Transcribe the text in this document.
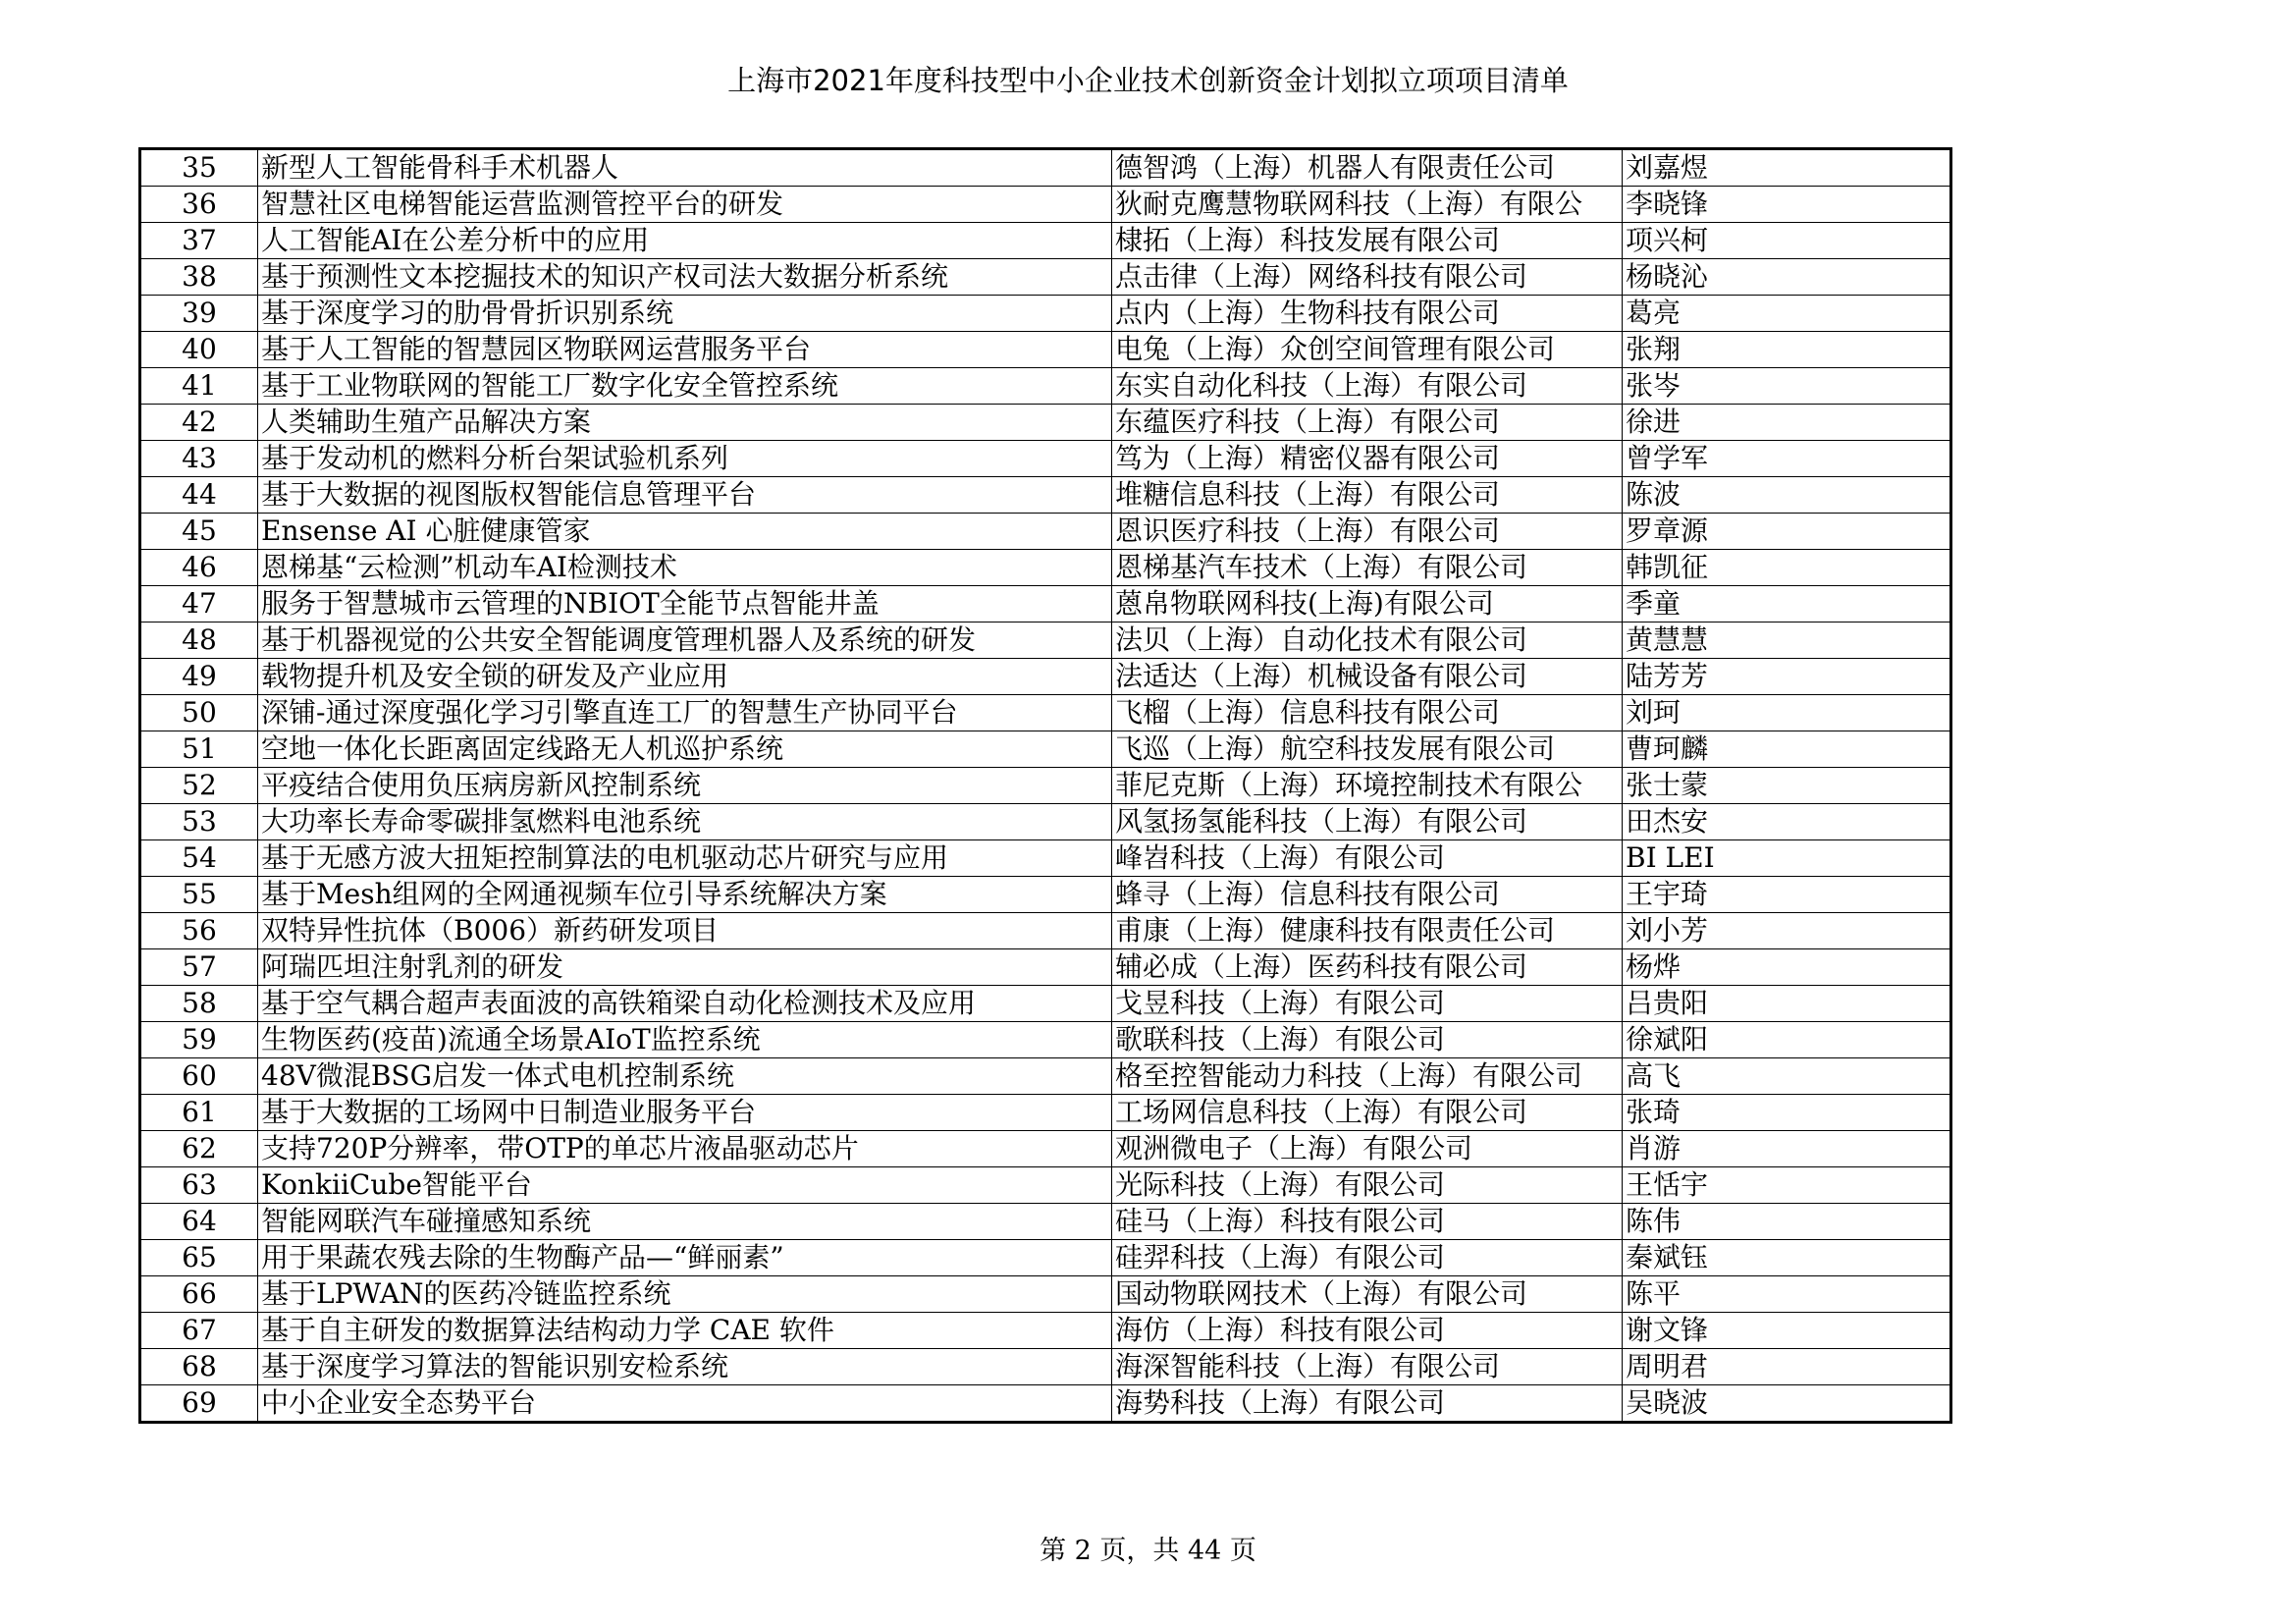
上海市2021年度科技型中小企业技术创新资金计划拟立项项目清单
35	新型人工智能骨科手术机器人	德智鸿（上海）机器人有限责任公司	刘嘉煜
36	智慧社区电梯智能运营监测管控平台的研发	狄耐克鹰慧物联网科技（上海）有限公	李晓锋
37	人工智能AI在公差分析中的应用	棣拓（上海）科技发展有限公司	项兴柯
38	基于预测性文本挖掘技术的知识产权司法大数据分析系统	点击律（上海）网络科技有限公司	杨晓沁
39	基于深度学习的肋骨骨折识别系统	点内（上海）生物科技有限公司	葛亮
40	基于人工智能的智慧园区物联网运营服务平台	电兔（上海）众创空间管理有限公司	张翔
41	基于工业物联网的智能工厂数字化安全管控系统	东实自动化科技（上海）有限公司	张岑
42	人类辅助生殖产品解决方案	东蕴医疗科技（上海）有限公司	徐进
43	基于发动机的燃料分析台架试验机系列	笃为（上海）精密仪器有限公司	曾学军
44	基于大数据的视图版权智能信息管理平台	堆糖信息科技（上海）有限公司	陈波
45	Ensense AI 心脏健康管家	恩识医疗科技（上海）有限公司	罗章源
46	恩梯基“云检测”机动车AI检测技术	恩梯基汽车技术（上海）有限公司	韩凯征
47	服务于智慧城市云管理的NBIOT全能节点智能井盖	蒽帛物联网科技(上海)有限公司	季童
48	基于机器视觉的公共安全智能调度管理机器人及系统的研发	法贝（上海）自动化技术有限公司	黄慧慧
49	载物提升机及安全锁的研发及产业应用	法适达（上海）机械设备有限公司	陆芳芳
50	深铺-通过深度强化学习引擎直连工厂的智慧生产协同平台	飞榴（上海）信息科技有限公司	刘珂
51	空地一体化长距离固定线路无人机巡护系统	飞巡（上海）航空科技发展有限公司	曹珂麟
52	平疫结合使用负压病房新风控制系统	菲尼克斯（上海）环境控制技术有限公	张士蒙
53	大功率长寿命零碳排氢燃料电池系统	风氢扬氢能科技（上海）有限公司	田杰安
54	基于无感方波大扭矩控制算法的电机驱动芯片研究与应用	峰岧科技（上海）有限公司	BI LEI
55	基于Mesh组网的全网通视频车位引导系统解决方案	蜂寻（上海）信息科技有限公司	王宇琦
56	双特异性抗体（B006）新药研发项目	甫康（上海）健康科技有限责任公司	刘小芳
57	阿瑞匹坦注射乳剂的研发	辅必成（上海）医药科技有限公司	杨烨
58	基于空气耦合超声表面波的高铁箱梁自动化检测技术及应用	戈昱科技（上海）有限公司	吕贵阳
59	生物医药(疫苗)流通全场景AIoT监控系统	歌联科技（上海）有限公司	徐斌阳
60	48V微混BSG启发一体式电机控制系统	格至控智能动力科技（上海）有限公司	高飞
61	基于大数据的工场网中日制造业服务平台	工场网信息科技（上海）有限公司	张琦
62	支持720P分辨率，带OTP的单芯片液晶驱动芯片	观洲微电子（上海）有限公司	肖游
63	KonkiiCube智能平台	光际科技（上海）有限公司	王恬宇
64	智能网联汽车碰撞感知系统	硅马（上海）科技有限公司	陈伟
65	用于果蔬农残去除的生物酶产品—“鲜丽素”	硅羿科技（上海）有限公司	秦斌钰
66	基于LPWAN的医药冷链监控系统	国动物联网技术（上海）有限公司	陈平
67	基于自主研发的数据算法结构动力学 CAE 软件	海仿（上海）科技有限公司	谢文锋
68	基于深度学习算法的智能识别安检系统	海深智能科技（上海）有限公司	周明君
69	中小企业安全态势平台	海势科技（上海）有限公司	吴晓波
第 2 页，共 44 页
